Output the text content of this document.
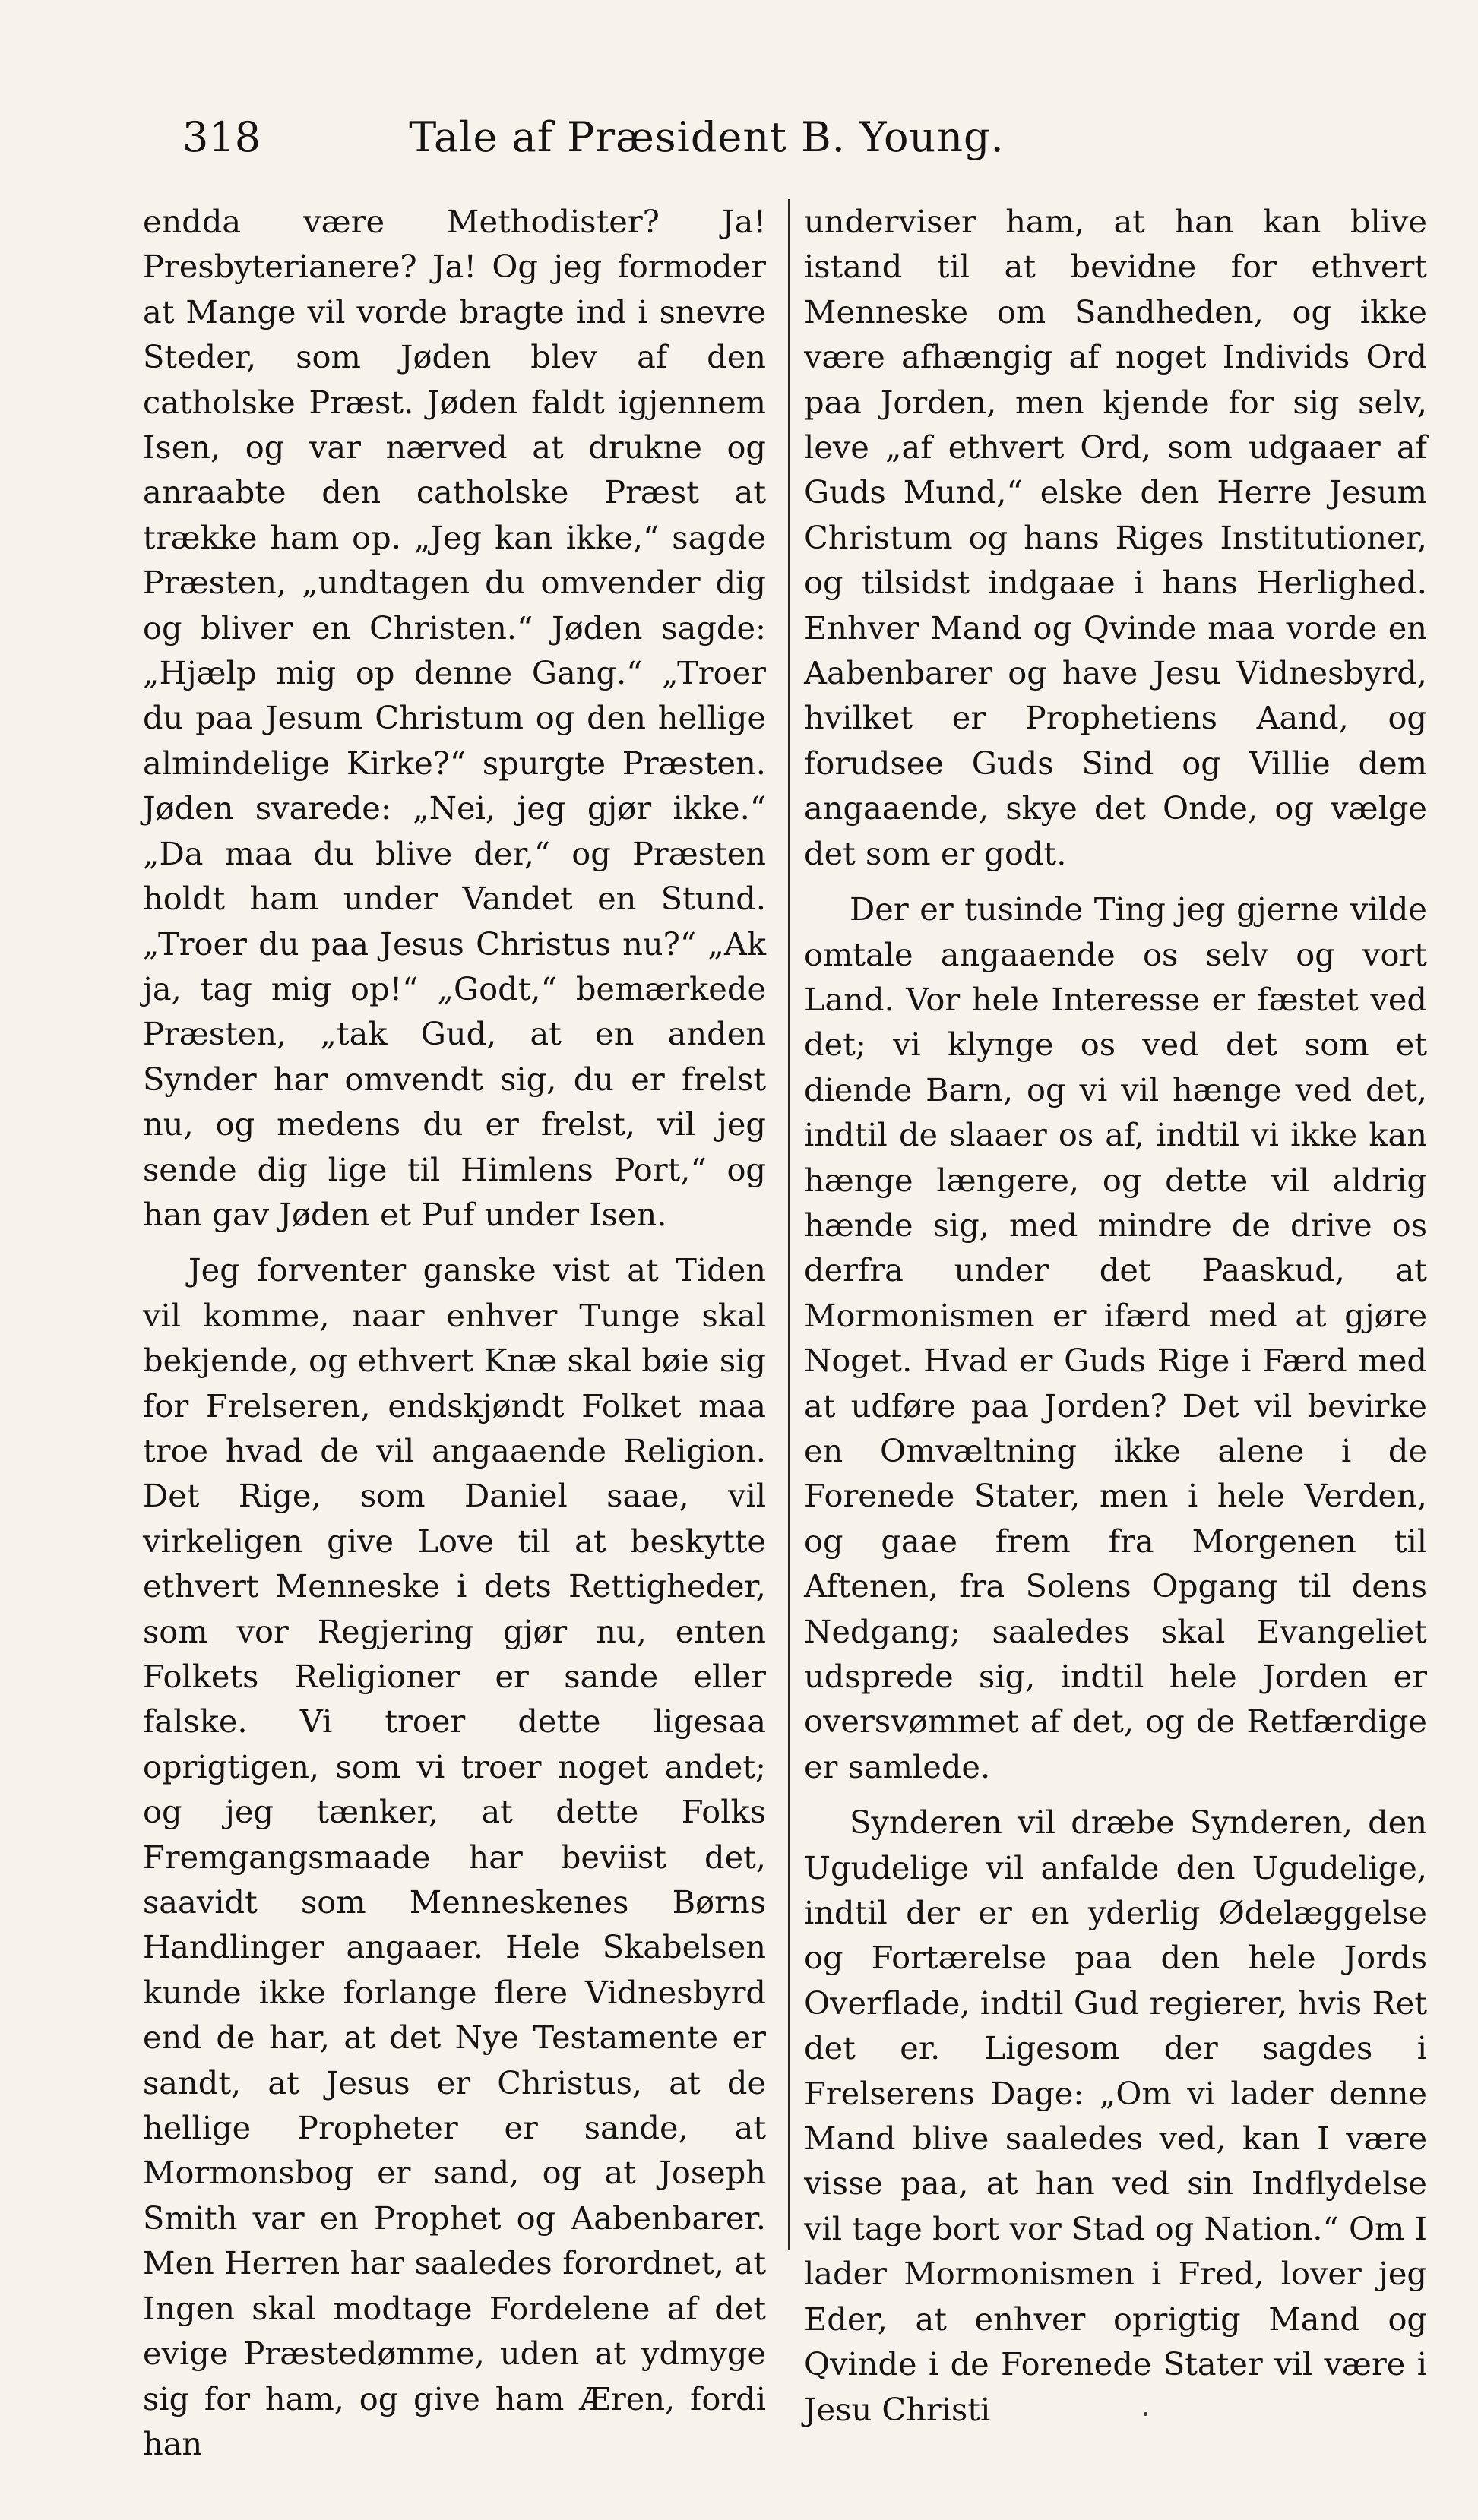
318	Tale af Præsident B. Young.

endda være Methodister? Ja! Presbyterianere? Ja! Og jeg formoder at Mange vil vorde bragte ind i snevre Steder, som Jøden blev af den catholske Præst. Jøden faldt igjennem Isen, og var nærved at drukne og anraabte den catholske Præst at trække ham op. „Jeg kan ikke,“ sagde Præsten, „undtagen du omvender dig og bliver en Christen.“ Jøden sagde: „Hjælp mig op denne Gang.“ „Troer du paa Jesum Christum og den hellige almindelige Kirke?“ spurgte Præsten. Jøden svarede: „Nei, jeg gjør ikke.“ „Da maa du blive der,“ og Præsten holdt ham under Vandet en Stund. „Troer du paa Jesus Christus nu?“ „Ak ja, tag mig op!“ „Godt,“ bemærkede Præsten, „tak Gud, at en anden Synder har omvendt sig, du er frelst nu, og medens du er frelst, vil jeg sende dig lige til Himlens Port,“ og han gav Jøden et Puf under Isen.

Jeg forventer ganske vist at Tiden vil komme, naar enhver Tunge skal bekjende, og ethvert Knæ skal bøie sig for Frelseren, endskjøndt Folket maa troe hvad de vil angaaende Religion. Det Rige, som Daniel saae, vil virkeligen give Love til at beskytte ethvert Menneske i dets Rettigheder, som vor Regjering gjør nu, enten Folkets Religioner er sande eller falske. Vi troer dette ligesaa oprigtigen, som vi troer noget andet; og jeg tænker, at dette Folks Fremgangsmaade har beviist det, saavidt som Menneskenes Børns Handlinger angaaer. Hele Skabelsen kunde ikke forlange flere Vidnesbyrd end de har, at det Nye Testamente er sandt, at Jesus er Christus, at de hellige Propheter er sande, at Mormonsbog er sand, og at Joseph Smith var en Prophet og Aabenbarer. Men Herren har saaledes forordnet, at Ingen skal modtage Fordelene af det evige Præstedømme, uden at ydmyge sig for ham, og give ham Æren, fordi han

underviser ham, at han kan blive istand til at bevidne for ethvert Menneske om Sandheden, og ikke være afhængig af noget Individs Ord paa Jorden, men kjende for sig selv, leve „af ethvert Ord, som udgaaer af Guds Mund,“ elske den Herre Jesum Christum og hans Riges Institutioner, og tilsidst indgaae i hans Herlighed. Enhver Mand og Qvinde maa vorde en Aabenbarer og have Jesu Vidnesbyrd, hvilket er Prophetiens Aand, og forudsee Guds Sind og Villie dem angaaende, skye det Onde, og vælge det som er godt.

Der er tusinde Ting jeg gjerne vilde omtale angaaende os selv og vort Land. Vor hele Interesse er fæstet ved det; vi klynge os ved det som et diende Barn, og vi vil hænge ved det, indtil de slaaer os af, indtil vi ikke kan hænge længere, og dette vil aldrig hænde sig, med mindre de drive os derfra under det Paaskud, at Mormonismen er ifærd med at gjøre Noget. Hvad er Guds Rige i Færd med at udføre paa Jorden? Det vil bevirke en Omvæltning ikke alene i de Forenede Stater, men i hele Verden, og gaae frem fra Morgenen til Aftenen, fra Solens Opgang til dens Nedgang; saaledes skal Evangeliet udsprede sig, indtil hele Jorden er oversvømmet af det, og de Retfærdige er samlede.

Synderen vil dræbe Synderen, den Ugudelige vil anfalde den Ugudelige, indtil der er en yderlig Ødelæggelse og Fortærelse paa den hele Jords Overflade, indtil Gud regierer, hvis Ret det er. Ligesom der sagdes i Frelserens Dage: „Om vi lader denne Mand blive saaledes ved, kan I være visse paa, at han ved sin Indflydelse vil tage bort vor Stad og Nation.“ Om I lader Mormonismen i Fred, lover jeg Eder, at enhver oprigtig Mand og Qvinde i de Forenede Stater vil være i Jesu Christi
